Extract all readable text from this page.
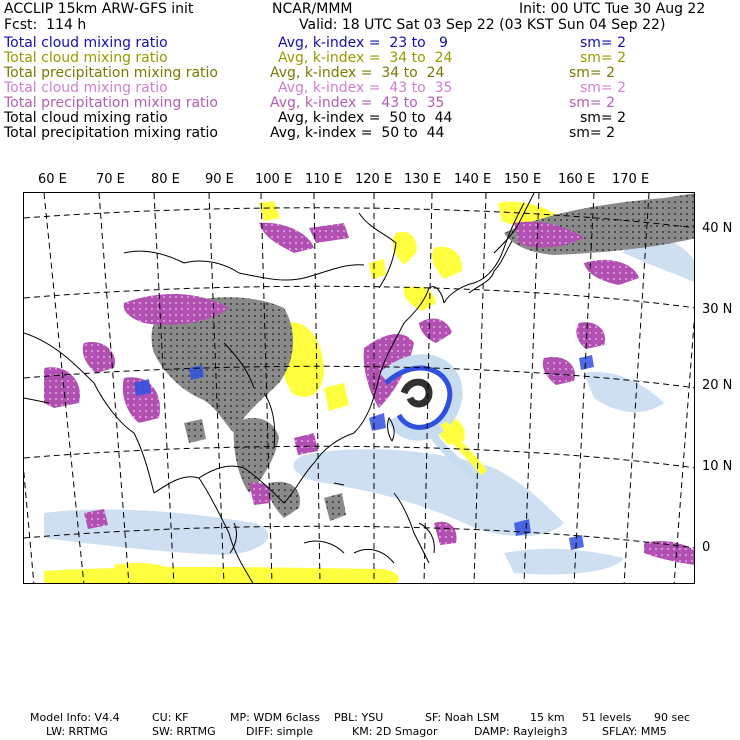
ACCLIP 15km ARW-GFS init	NCAR/MMM	Init: 00 UTC Tue 30 Aug 22
Fcst:  114 h	Valid: 18 UTC Sat 03 Sep 22 (03 KST Sun 04 Sep 22)
Total cloud mixing ratio	Avg, k-index =  23 to   9	sm= 2
Total cloud mixing ratio	Avg, k-index =  34 to  24	sm= 2
Total precipitation mixing ratio	Avg, k-index =  34 to  24	sm= 2
Total cloud mixing ratio	Avg, k-index =  43 to  35	sm= 2
Total precipitation mixing ratio	Avg, k-index =  43 to  35	sm= 2
Total cloud mixing ratio	Avg, k-index =  50 to  44	sm= 2
Total precipitation mixing ratio	Avg, k-index =  50 to  44	sm= 2
60 E 70 E 80 E 90 E 100 E 110 E 120 E 130 E 140 E 150 E 160 E 170 E
40 N
30 N
20 N
10 N
0
Model Info: V4.4	CU: KF	MP: WDM 6class PBL: YSU	SF: Noah LSM	15 km 51 levels 90 sec
LW: RRTMG	SW: RRTMG	DIFF: simple	KM: 2D Smagor	DAMP: Rayleigh3	SFLAY: MM5
